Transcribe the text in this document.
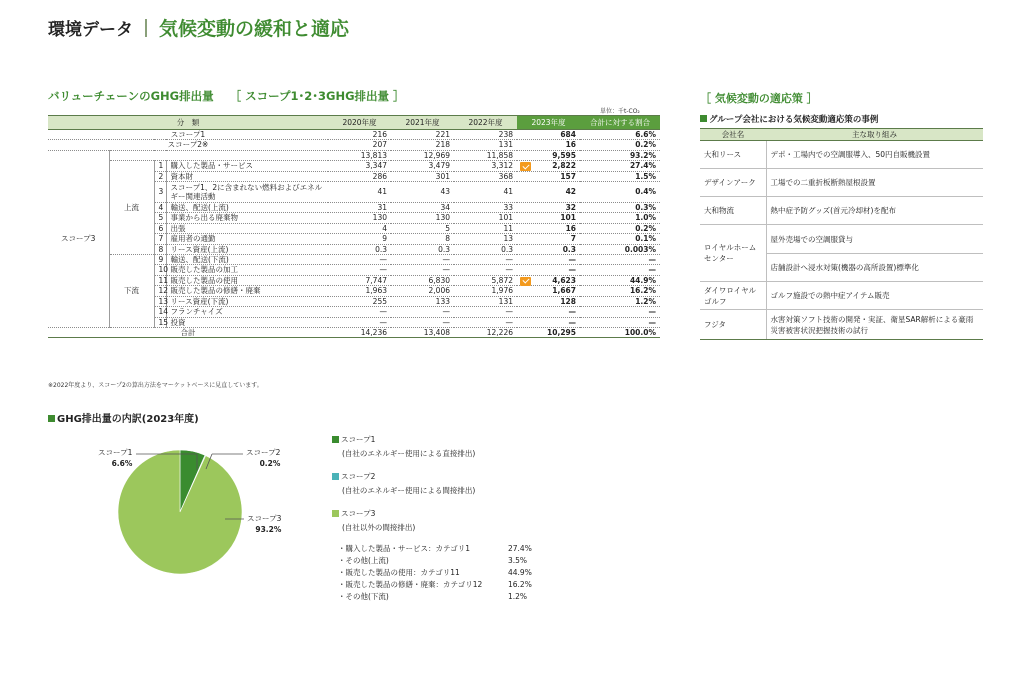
環境データ 気候変動の緩和と適応
バリューチェーンのGHG排出量 ［ スコープ1･2･3GHG排出量 ］
単位：千t-CO₂
分　類				2020年度	2021年度	2022年度	2023年度	合計に対する割合
スコープ1				216	221	238	684	6.6%
スコープ2※				207	218	131	16	0.2%
スコープ3				13,813	12,969	11,858	9,595	93.2%
	上流	1	購入した製品・サービス	3,347	3,479	3,312	2,822	27.4%
		2	資本財	286	301	368	157	1.5%
		3	スコープ1、2に含まれない燃料およびエネルギー関連活動	41	43	41	42	0.4%
		4	輸送、配送(上流)	31	34	33	32	0.3%
		5	事業から出る廃棄物	130	130	101	101	1.0%
		6	出張	4	5	11	16	0.2%
		7	雇用者の通勤	9	8	13	7	0.1%
		8	リース資産(上流)	0.3	0.3	0.3	0.3	0.003%
	下流	9	輸送、配送(下流)	—	—	—	—	—
		10	販売した製品の加工	—	—	—	—	—
		11	販売した製品の使用	7,747	6,830	5,872	4,623	44.9%
		12	販売した製品の修繕・廃棄	1,963	2,006	1,976	1,667	16.2%
		13	リース資産(下流)	255	133	131	128	1.2%
		14	フランチャイズ	—	—	—	—	—
		15	投資	—	—	—	—	—
合計				14,236	13,408	12,226	10,295	100.0%
※2022年度より、スコープ2の算出方法をマーケットベースに見直しています。
GHG排出量の内訳(2023年度)
スコープ1
6.6%
スコープ2
0.2%
スコープ3
93.2%
スコープ1
(自社のエネルギー使用による直接排出)
スコープ2
(自社のエネルギー使用による間接排出)
スコープ3
(自社以外の間接排出)
・購入した製品・サービス：カテゴリ1	27.4%
・その他(上流)	3.5%
・販売した製品の使用：カテゴリ11	44.9%
・販売した製品の修繕・廃棄：カテゴリ12	16.2%
・その他(下流)	1.2%
［ 気候変動の適応策 ］
グループ会社における気候変動適応策の事例
会社名	主な取り組み
大和リース	デポ・工場内での空調服導入、50円自販機設置
デザインアーク	工場での二重折板断熱屋根設置
大和物流	熱中症予防グッズ(首元冷却材)を配布
ロイヤルホームセンター	屋外売場での空調服貸与
	店舗設計へ浸水対策(機器の高所設置)標準化
ダイワロイヤルゴルフ	ゴルフ施設での熱中症アイテム販売
フジタ	水害対策ソフト技術の開発・実証、衛星SAR解析による豪雨災害被害状況把握技術の試行
